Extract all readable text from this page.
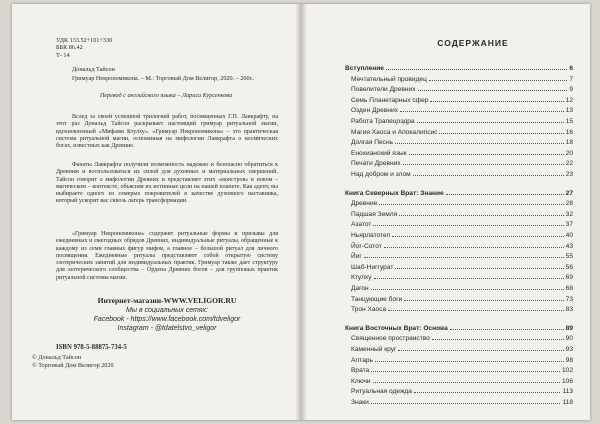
УДК 133.52+101+330
ББК 86.42
Т- 14
Дональд Тайсон
Гримуар Некрономикона. – М.: Торговый Дом Велигор, 2020. – 260с.
Перевод с английского языка – Лариса Курсенкова
Вслед за своей успешной трилогией работ, посвященных Г.П. Лавкрафту, на этот раз Дональд Тайсон раскрывает настоящий гримуар ритуальной магии, вдохновленный «Мифами Ктулху». «Гримуар Некрономикона» – это практическая система ритуальной магии, основанная на мифологии Лавкрафта о космических богах, известных как Древние.
Фанаты Лавкрафта получили возможность надежно и безопасно обратиться к Древним и воспользоваться их силой для духовных и материальных свершений. Тайсон говорит о мифологии Древних и представляет этих «монстров» в новом – магическом – контексте, объясняя их истинные цели на нашей планете. Как адепт, вы выбираете одного из семерых покровителей в качестве духовного наставника, который ускорит вас сквозь лагерь трансформации.
«Гримуар Некрономикона» содержит ритуальные формы и призывы для ежедневных и ежегодных обрядов Древних, индивидуальные ритуалы, обращенные к каждому из семи главных фигур мифов, а главное – большой ритуал для личного посвящения. Ежедневные ритуалы представляют собой открытую систему эзотерических занятий для индивидуальных практик. Гримуар также дает структуру для эзотерического сообщества – Ордена Древних богов – для групповых практик ритуальной системы магии.
Интернет-магазин-WWW.VELIGOR.RU
Мы в социальных сетях:
Facebook - https://www.facebook.com/tdveligor
Instagram - @tdatelstvo_veligor
ISBN 978-5-88875-734-5
© Дональд Тайсон
© Торговый Дом Велигор 2020
СОДЕРЖАНИЕ
Вступление	6
Мечтательный провидец	7
Повелители Древних	9
Семь Планетарных сфер	12
Озден Древних	13
Работа Трапецоэдра	15
Магия Хаоса и Апокалипсис	16
Долгая Песнь	18
Енохианский язык	20
Печати Древних	22
Над добром и злом	23
Книга Северных Врат: Знание	27
Древние	28
Падшая Земля	32
Азатот	37
Ньярлатотеп	40
Йог-Сотот	43
Йиг	55
Шаб-Ниггурат	56
Ктулху	69
Дагон	68
Танцующие боги	73
Трон Хаоса	83
Книга Восточных Врат: Основа	89
Священное пространство	90
Каменный круг	93
Алтарь	98
Врата	102
Ключи	106
Ритуальная одежда	113
Знаки	118
